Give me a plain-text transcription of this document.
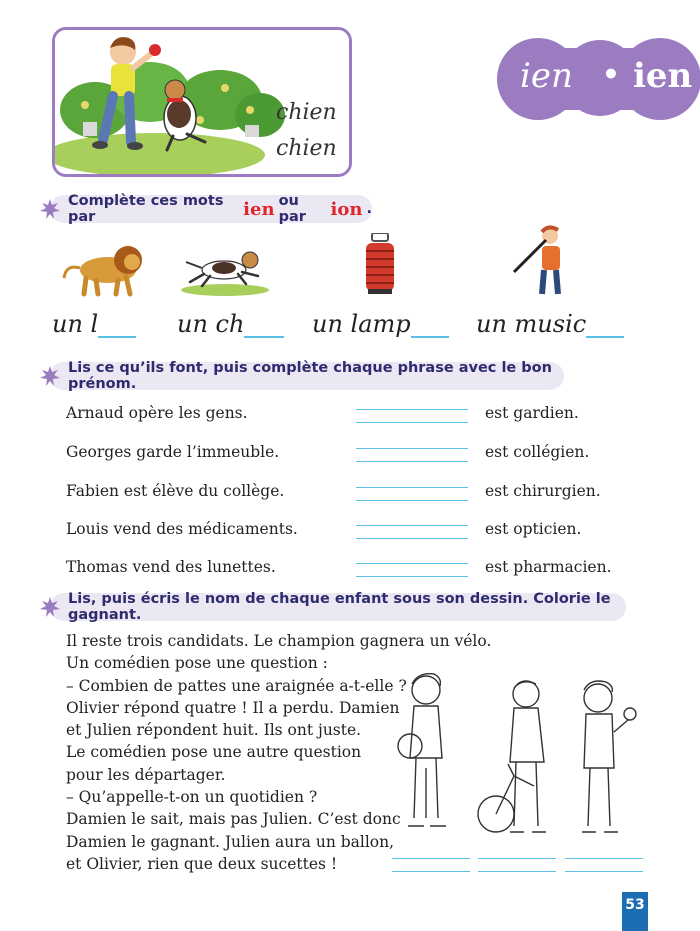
chien
chien
ien • ien
Complète ces mots par	ien ou par	ion .
un l	un ch	un lamp	un music
Lis ce qu’ils font, puis complète chaque phrase avec le bon prénom.
Arnaud opère les gens.	est gardien.
Georges garde l’immeuble.	est collégien.
Fabien est élève du collège.	est chirurgien.
Louis vend des médicaments.	est opticien.
Thomas vend des lunettes.	est pharmacien.
Lis, puis écris le nom de chaque enfant sous son dessin. Colorie le gagnant.
Il reste trois candidats. Le champion gagnera un vélo.
Un comédien pose une question :
– Combien de pattes une araignée a-t-elle ?
Olivier répond quatre ! Il a perdu. Damien
et Julien répondent huit. Ils ont juste.
Le comédien pose une autre question
pour les départager.
– Qu’appelle-t-on un quotidien ?
Damien le sait, mais pas Julien. C’est donc
Damien le gagnant. Julien aura un ballon,
et Olivier, rien que deux sucettes !
53
